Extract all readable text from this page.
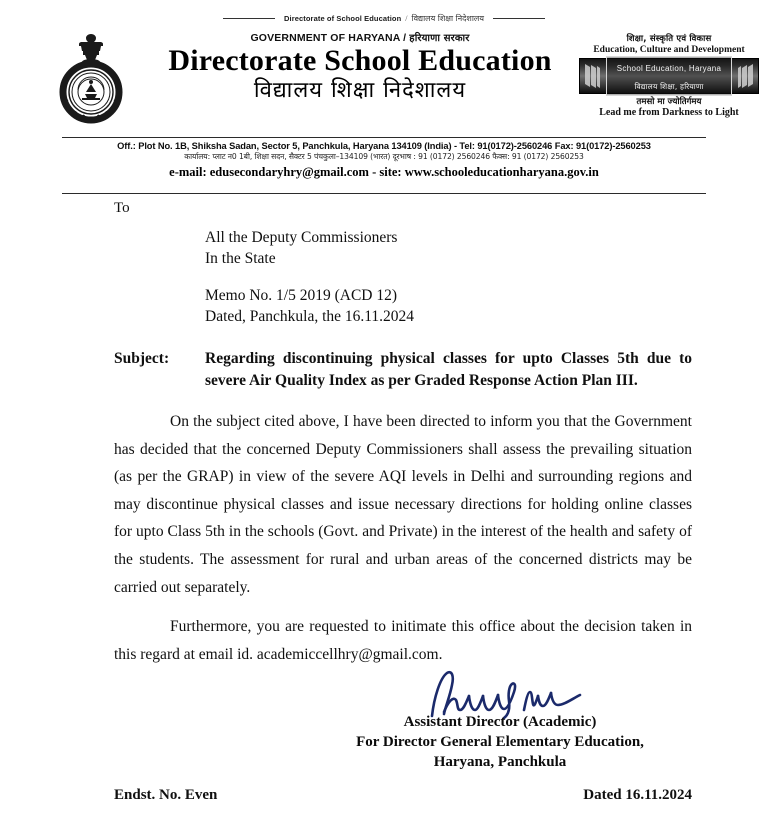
Directorate of School Education / विद्यालय शिक्षा निदेशालय
GOVERNMENT OF HARYANA / हरियाणा सरकार
Directorate School Education
विद्यालय शिक्षा निदेशालय
शिक्षा, संस्कृति एवं विकास
Education, Culture and Development
School Education, Haryana
विद्यालय शिक्षा, हरियाणा
तमसो मा ज्योतिर्गमय
Lead me from Darkness to Light
Off.: Plot No. 1B, Shiksha Sadan, Sector 5, Panchkula, Haryana 134109 (India) - Tel: 91(0172)-2560246 Fax: 91(0172)-2560253
कार्यालय: प्लाट न0 1बी, शिक्षा सदन, सैक्टर 5 पंचकुला–134109 (भारत) दूरभाष : 91 (0172) 2560246 फैक्स: 91 (0172) 2560253
e-mail: edusecondaryhry@gmail.com - site: www.schooleducationharyana.gov.in
To
All the Deputy Commissioners
In the State
Memo No. 1/5 2019 (ACD 12)
Dated, Panchkula, the 16.11.2024
Subject:	Regarding discontinuing physical classes for upto Classes 5th due to severe Air Quality Index as per Graded Response Action Plan III.
On the subject cited above, I have been directed to inform you that the Government has decided that the concerned Deputy Commissioners shall assess the prevailing situation (as per the GRAP) in view of the severe AQI levels in Delhi and surrounding regions and may discontinue physical classes and issue necessary directions for holding online classes for upto Class 5th in the schools (Govt. and Private) in the interest of the health and safety of the students. The assessment for rural and urban areas of the concerned districts may be carried out separately.
Furthermore, you are requested to initimate this office about the decision taken in this regard at email id. academiccellhry@gmail.com.
Assistant Director (Academic)
For Director General Elementary Education,
Haryana, Panchkula
Endst. No. Even	Dated 16.11.2024
